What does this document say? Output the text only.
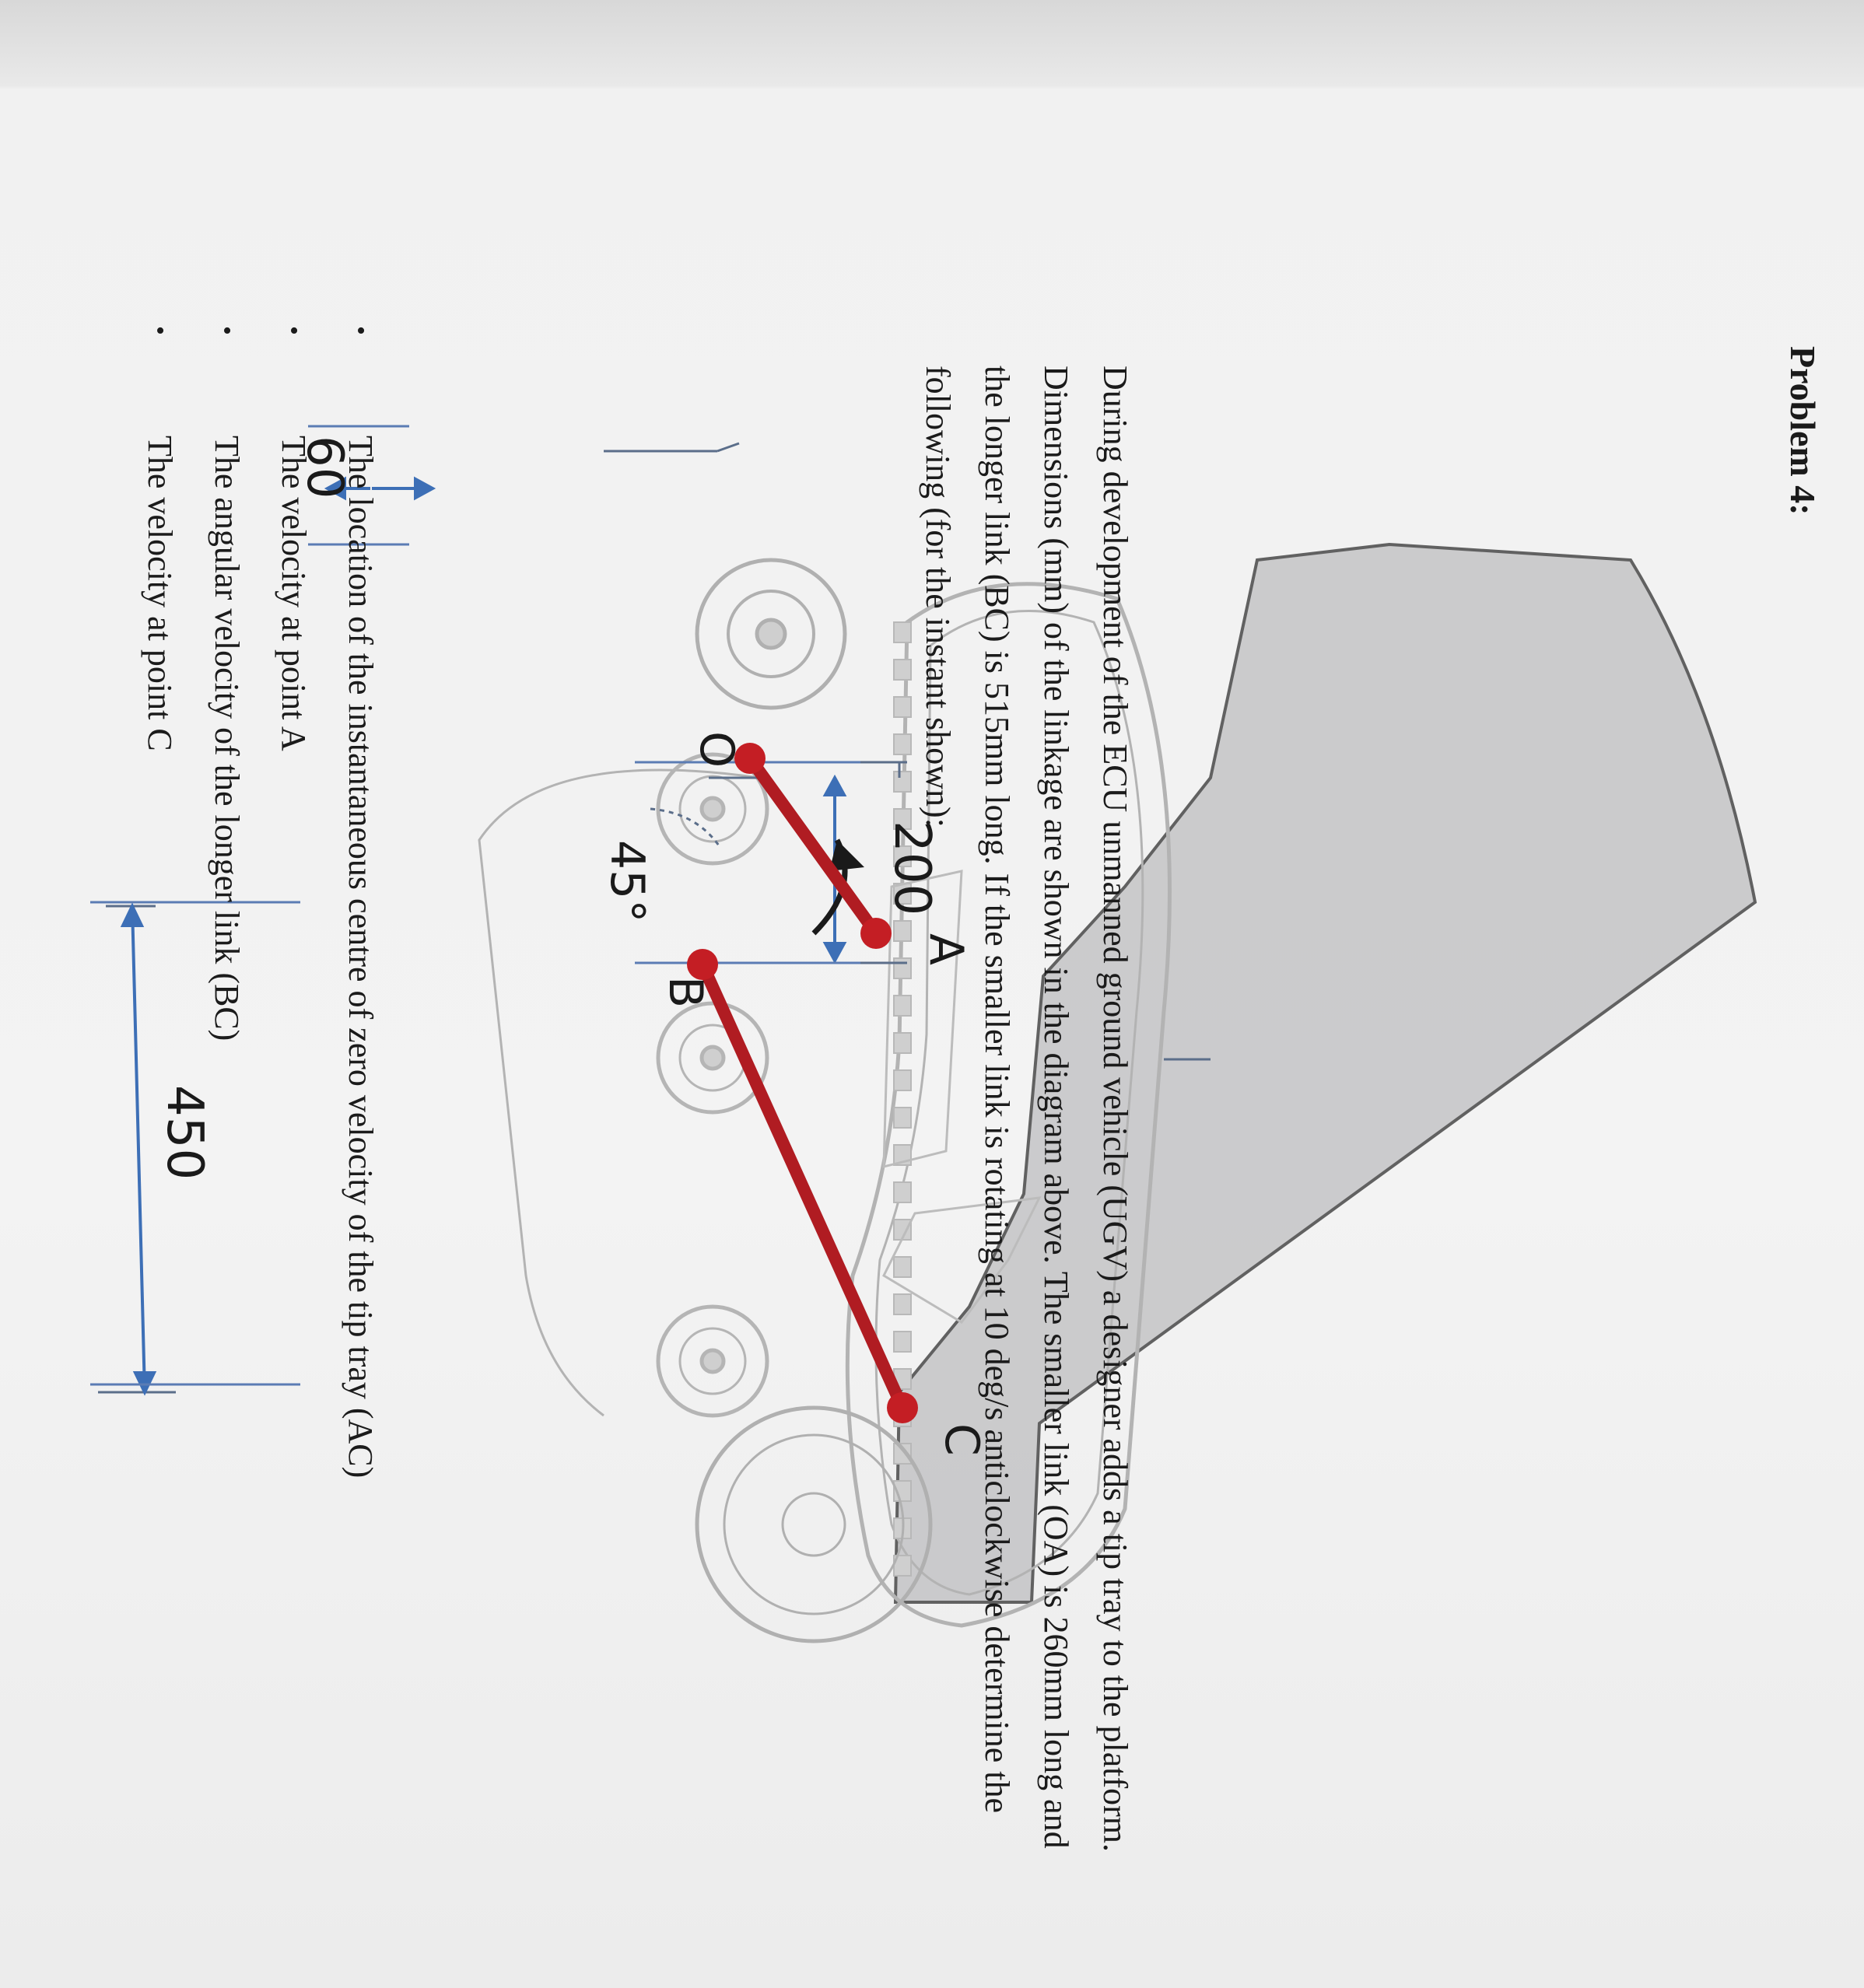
Problem 4:
O
A
B
C
450
60
200
45°	During development of the ECU unmanned ground vehicle (UGV) a designer adds a tip tray to the platform. Dimensions (mm) of the linkage are shown in the diagram above. The smaller link (OA) is 260mm long and the longer link (BC) is 515mm long. If the smaller link is rotating at 10 deg/s anticlockwise determine the following (for the instant shown):
•
The location of the instantaneous centre of zero velocity of the tip tray (AC)
•
The velocity at point A
•
The angular velocity of the longer link (BC)
•
The velocity at point C
